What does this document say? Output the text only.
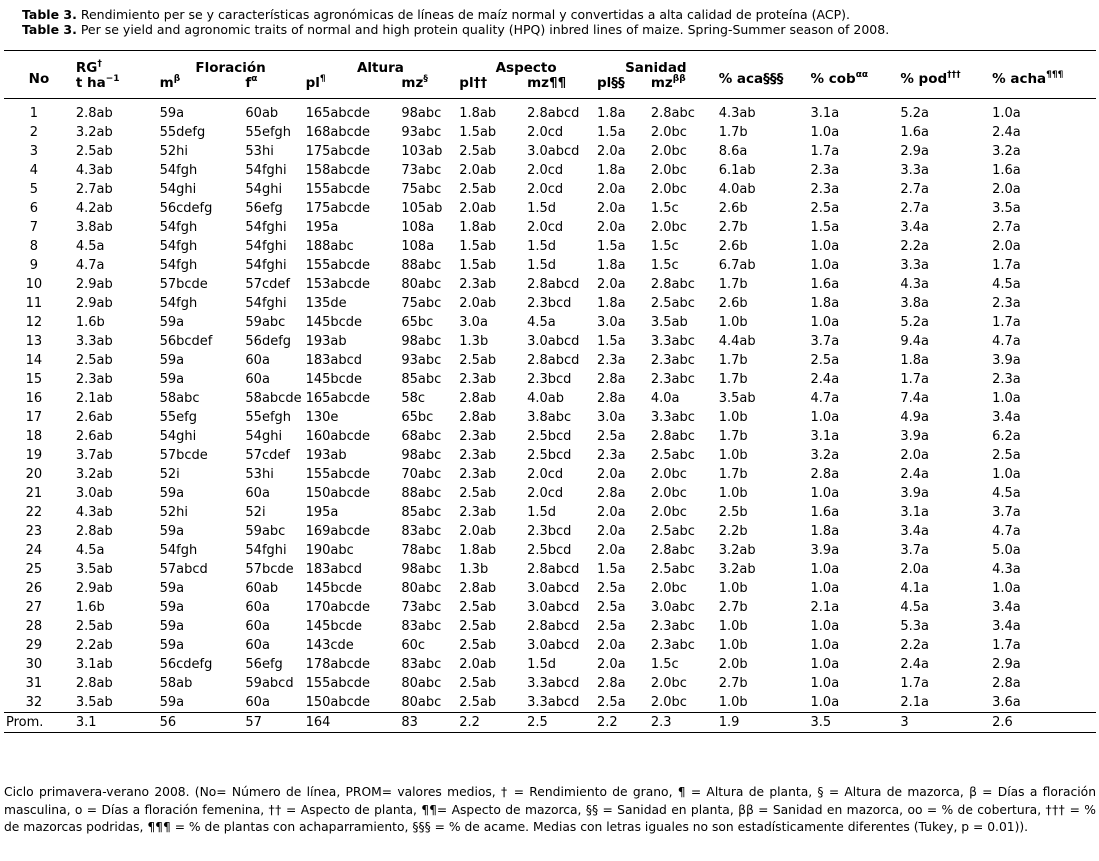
Table 3. Rendimiento per se y características agronómicas de líneas de maíz normal y convertidas a alta calidad de proteína (ACP).
Table 3. Per se yield and agronomic traits of normal and high protein quality (HPQ) inbred lines of maize. Spring-Summer season of 2008.
No	RG†	Floración		Altura		Aspecto		Sanidad		% aca§§§	% cob$^{\alpha\alpha}$	% pod†††	% acha¶¶¶
	t $ha^{-1}$	$m^\beta$	$f^\alpha$	pl¶	mz§	pl††	mz¶¶	pl§§	$mz^{\beta\beta}$
1	2.8ab	59a	60ab	165abcde	98abc	1.8ab	2.8abcd	1.8a	2.8abc	4.3ab	3.1a	5.2a	1.0a
2	3.2ab	55defg	55efgh	168abcde	93abc	1.5ab	2.0cd	1.5a	2.0bc	1.7b	1.0a	1.6a	2.4a
3	2.5ab	52hi	53hi	175abcde	103ab	2.5ab	3.0abcd	2.0a	2.0bc	8.6a	1.7a	2.9a	3.2a
4	4.3ab	54fgh	54fghi	158abcde	73abc	2.0ab	2.0cd	1.8a	2.0bc	6.1ab	2.3a	3.3a	1.6a
5	2.7ab	54ghi	54ghi	155abcde	75abc	2.5ab	2.0cd	2.0a	2.0bc	4.0ab	2.3a	2.7a	2.0a
6	4.2ab	56cdefg	56efg	175abcde	105ab	2.0ab	1.5d	2.0a	1.5c	2.6b	2.5a	2.7a	3.5a
7	3.8ab	54fgh	54fghi	195a	108a	1.8ab	2.0cd	2.0a	2.0bc	2.7b	1.5a	3.4a	2.7a
8	4.5a	54fgh	54fghi	188abc	108a	1.5ab	1.5d	1.5a	1.5c	2.6b	1.0a	2.2a	2.0a
9	4.7a	54fgh	54fghi	155abcde	88abc	1.5ab	1.5d	1.8a	1.5c	6.7ab	1.0a	3.3a	1.7a
10	2.9ab	57bcde	57cdef	153abcde	80abc	2.3ab	2.8abcd	2.0a	2.8abc	1.7b	1.6a	4.3a	4.5a
11	2.9ab	54fgh	54fghi	135de	75abc	2.0ab	2.3bcd	1.8a	2.5abc	2.6b	1.8a	3.8a	2.3a
12	1.6b	59a	59abc	145bcde	65bc	3.0a	4.5a	3.0a	3.5ab	1.0b	1.0a	5.2a	1.7a
13	3.3ab	56bcdef	56defg	193ab	98abc	1.3b	3.0abcd	1.5a	3.3abc	4.4ab	3.7a	9.4a	4.7a
14	2.5ab	59a	60a	183abcd	93abc	2.5ab	2.8abcd	2.3a	2.3abc	1.7b	2.5a	1.8a	3.9a
15	2.3ab	59a	60a	145bcde	85abc	2.3ab	2.3bcd	2.8a	2.3abc	1.7b	2.4a	1.7a	2.3a
16	2.1ab	58abc	58abcde	165abcde	58c	2.8ab	4.0ab	2.8a	4.0a	3.5ab	4.7a	7.4a	1.0a
17	2.6ab	55efg	55efgh	130e	65bc	2.8ab	3.8abc	3.0a	3.3abc	1.0b	1.0a	4.9a	3.4a
18	2.6ab	54ghi	54ghi	160abcde	68abc	2.3ab	2.5bcd	2.5a	2.8abc	1.7b	3.1a	3.9a	6.2a
19	3.7ab	57bcde	57cdef	193ab	98abc	2.3ab	2.5bcd	2.3a	2.5abc	1.0b	3.2a	2.0a	2.5a
20	3.2ab	52i	53hi	155abcde	70abc	2.3ab	2.0cd	2.0a	2.0bc	1.7b	2.8a	2.4a	1.0a
21	3.0ab	59a	60a	150abcde	88abc	2.5ab	2.0cd	2.8a	2.0bc	1.0b	1.0a	3.9a	4.5a
22	4.3ab	52hi	52i	195a	85abc	2.3ab	1.5d	2.0a	2.0bc	2.5b	1.6a	3.1a	3.7a
23	2.8ab	59a	59abc	169abcde	83abc	2.0ab	2.3bcd	2.0a	2.5abc	2.2b	1.8a	3.4a	4.7a
24	4.5a	54fgh	54fghi	190abc	78abc	1.8ab	2.5bcd	2.0a	2.8abc	3.2ab	3.9a	3.7a	5.0a
25	3.5ab	57abcd	57bcde	183abcd	98abc	1.3b	2.8abcd	1.5a	2.5abc	3.2ab	1.0a	2.0a	4.3a
26	2.9ab	59a	60ab	145bcde	80abc	2.8ab	3.0abcd	2.5a	2.0bc	1.0b	1.0a	4.1a	1.0a
27	1.6b	59a	60a	170abcde	73abc	2.5ab	3.0abcd	2.5a	3.0abc	2.7b	2.1a	4.5a	3.4a
28	2.5ab	59a	60a	145bcde	83abc	2.5ab	2.8abcd	2.5a	2.3abc	1.0b	1.0a	5.3a	3.4a
29	2.2ab	59a	60a	143cde	60c	2.5ab	3.0abcd	2.0a	2.3abc	1.0b	1.0a	2.2a	1.7a
30	3.1ab	56cdefg	56efg	178abcde	83abc	2.0ab	1.5d	2.0a	1.5c	2.0b	1.0a	2.4a	2.9a
31	2.8ab	58ab	59abcd	155abcde	80abc	2.5ab	3.3abcd	2.8a	2.0bc	2.7b	1.0a	1.7a	2.8a
32	3.5ab	59a	60a	150abcde	80abc	2.5ab	3.3abcd	2.5a	2.0bc	1.0b	1.0a	2.1a	3.6a
Prom.	3.1	56	57	164	83	2.2	2.5	2.2	2.3	1.9	3.5	3	2.6
Ciclo primavera-verano 2008. (No= Número de línea, PROM= valores medios, † = Rendimiento de grano, ¶ = Altura de planta, § = Altura de mazorca, β = Días a floración masculina, o = Días a floración femenina, †† = Aspecto de planta, ¶¶= Aspecto de mazorca, §§ = Sanidad en planta, ββ = Sanidad en mazorca, oo = % de cobertura, ††† = % de mazorcas podridas, ¶¶¶ = % de plantas con achaparramiento, §§§ = % de acame. Medias con letras iguales no son estadísticamente diferentes (Tukey, p = 0.01)).
